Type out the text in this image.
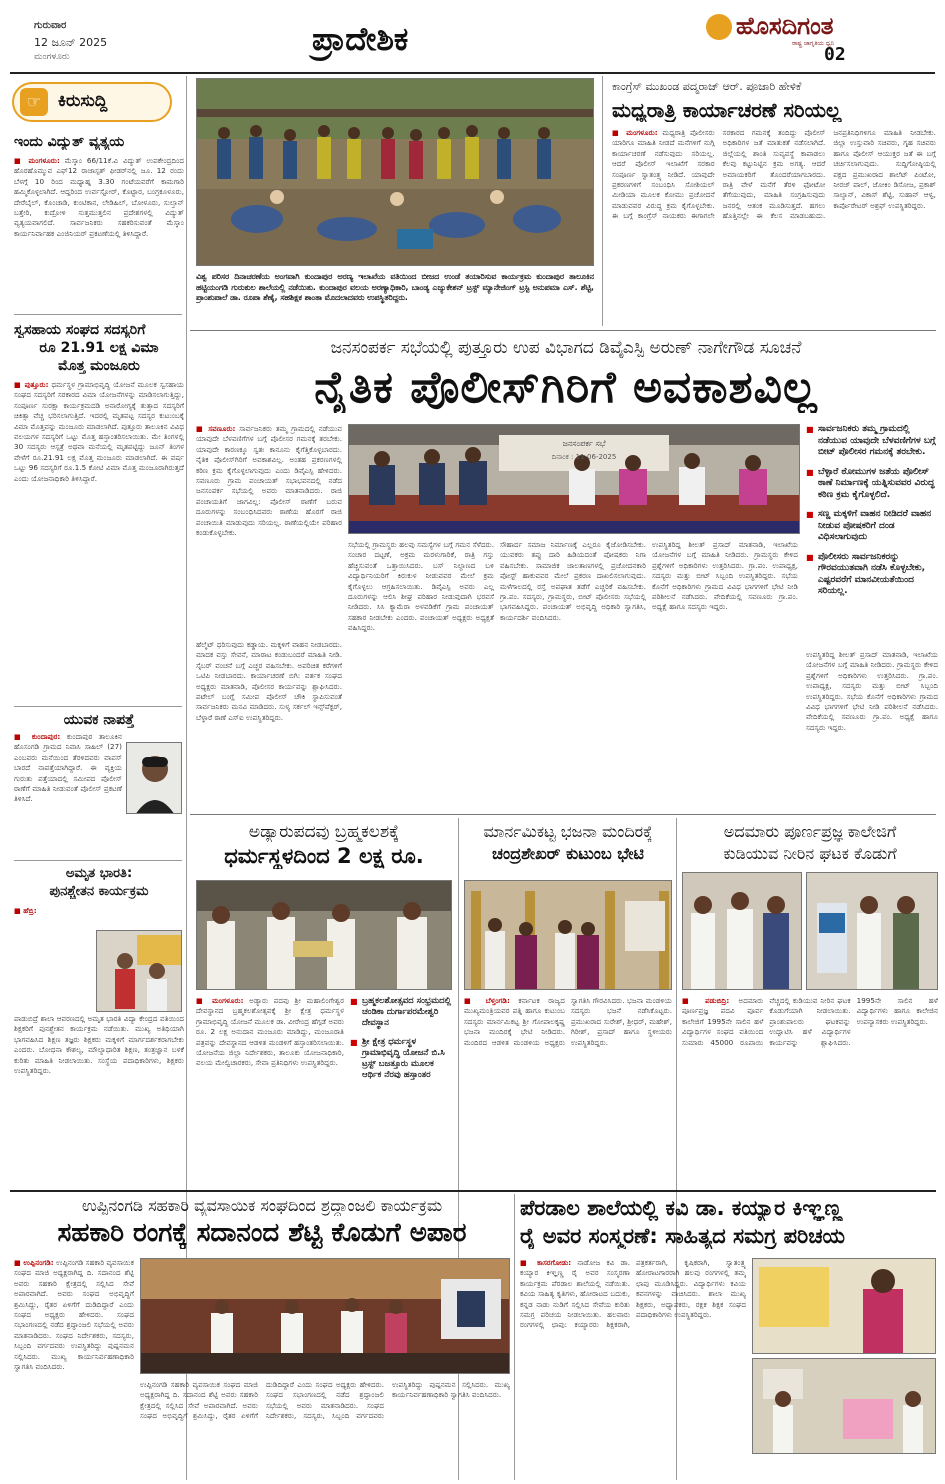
ಗುರುವಾರ
12 ಜೂನ್ 2025
ಮಂಗಳೂರು	ಪ್ರಾದೇಶಿಕ	ಹೊಸದಿಗಂತ
ರಾಷ್ಟ್ರ ಜಾಗೃತಿಯ ಧ್ವನಿ
02
☞ ಕಿರುಸುದ್ದಿ
ಇಂದು ವಿದ್ಯುತ್ ವ್ಯತ್ಯಯ
■ ಮಂಗಳೂರು: ಮೆಸ್ಕಾಂ 66/11ಕೆ.ವಿ ವಿದ್ಯುತ್ ಉಪಕೇಂದ್ರದಿಂದ ಹೊರಹೊಮ್ಮುವ ಎಫ್12 ರಾಜಾಸ್ಪತ್ ಫೀಡರ್‌ನಲ್ಲಿ ಜೂ. 12 ರಂದು ಬೆಳಗ್ಗೆ 10 ರಿಂದ ಮಧ್ಯಾಹ್ನ 3.30 ಗಂಟೆಯವರೆಗೆ ಕಾಮಗಾರಿ ಹಮ್ಮಿಕೊಳ್ಳಲಾಗಿದೆ. ಆದ್ದರಿಂದ ಉರ್ವಸ್ಟೋರ್, ಕೊಟ್ಟಾರ, ಬಂಗ್ರಕೂಳೂರು, ದೇರೆಬೈಲ್, ಕೊಂಚಾಡಿ, ಕುಂಟಿಕಾನ, ಲೇಡಿಹಿಲ್, ಬೋಳೂರು, ಸುಲ್ತಾನ್ ಬತ್ತೇರಿ, ಕುದ್ರೋಳಿ ಸುತ್ತಮುತ್ತಲಿನ ಪ್ರದೇಶಗಳಲ್ಲಿ ವಿದ್ಯುತ್ ವ್ಯತ್ಯಯವಾಗಲಿದೆ. ಸಾರ್ವಜನಿಕರು ಸಹಕರಿಸುವಂತೆ ಮೆಸ್ಕಾಂ ಕಾರ್ಯನಿರ್ವಾಹಕ ಎಂಜಿನಿಯರ್ ಪ್ರಕಟಣೆಯಲ್ಲಿ ತಿಳಿಸಿದ್ದಾರೆ.
ಸ್ವಸಹಾಯ ಸಂಘದ ಸದಸ್ಯರಿಗೆ
ರೂ 21.91 ಲಕ್ಷ ವಿಮಾ
ಮೊತ್ತ ಮಂಜೂರು
■ ಪುತ್ತೂರು: ಧರ್ಮಸ್ಥಳ ಗ್ರಾಮಾಭಿವೃದ್ಧಿ ಯೋಜನೆ ಮೂಲಕ ಸ್ವಸಹಾಯ ಸಂಘದ ಸದಸ್ಯರಿಗೆ ಸರಕಾರದ ವಿಮಾ ಯೋಜನೆಗಳನ್ನು ಮಾಡಿಸಲಾಗುತ್ತಿದ್ದು, ಸಂಪೂರ್ಣ ಸುರಕ್ಷಾ ಕಾರ್ಯಕ್ರಮದಡಿ ಅನಾರೋಗ್ಯಕ್ಕೆ ತುತ್ತಾದ ಸದಸ್ಯರಿಗೆ ಚಿಕಿತ್ಸಾ ವೆಚ್ಚ ಭರಿಸಲಾಗುತ್ತಿದೆ. ಇದರಲ್ಲಿ ಮೃತಪಟ್ಟ ಸದಸ್ಯರ ಕುಟುಂಬಕ್ಕೆ ವಿಮಾ ಮೊತ್ತವನ್ನು ಮಂಜೂರು ಮಾಡಲಾಗಿದೆ. ಪುತ್ತೂರು ತಾಲೂಕಿನ ವಿವಿಧ ವಲಯಗಳ ಸದಸ್ಯರಿಗೆ ಒಟ್ಟು ಮೊತ್ತ ಹಸ್ತಾಂತರಿಸಲಾಯಿತು. ಮೇ ತಿಂಗಳಲ್ಲಿ 30 ಸದಸ್ಯರು ಆಸ್ಪತ್ರೆ ಅಥವಾ ಮನೆಯಲ್ಲಿ ಮೃತಪಟ್ಟಿದ್ದು ಜೂನ್ ತಿಂಗಳ ವೇಳೆಗೆ ರೂ.21.91 ಲಕ್ಷ ಮೊತ್ತ ಮಂಜೂರು ಮಾಡಲಾಗಿದೆ. ಈ ವರ್ಷ ಒಟ್ಟು 96 ಸದಸ್ಯರಿಗೆ ರೂ.1.5 ಕೋಟಿ ವಿಮಾ ಮೊತ್ತ ಮಂಜೂರಾಗಿರುತ್ತದೆ ಎಂದು ಯೋಜನಾಧಿಕಾರಿ ತಿಳಿಸಿದ್ದಾರೆ.
ಯುವಕ ನಾಪತ್ತೆ
■ ಕುಂದಾಪುರ: ಕುಂದಾಪುರ ತಾಲೂಕಿನ ಹೊಸಂಗಡಿ ಗ್ರಾಮದ ನಿವಾಸಿ ಸಾಹಿಲ್ (27) ಎಂಬವರು ಮನೆಯಿಂದ ತೆರಳಿದವರು ವಾಪಸ್ ಬಾರದೆ ನಾಪತ್ತೆಯಾಗಿದ್ದಾರೆ. ಈ ವ್ಯಕ್ತಿಯ ಗುರುತು ಪತ್ತೆಯಾದಲ್ಲಿ ಸಮೀಪದ ಪೊಲೀಸ್ ಠಾಣೆಗೆ ಮಾಹಿತಿ ನೀಡುವಂತೆ ಪೊಲೀಸ್ ಪ್ರಕಟಣೆ ತಿಳಿಸಿದೆ.
ಅಮೃತ ಭಾರತಿ:
ಪುನಶ್ಚೇತನ ಕಾರ್ಯಕ್ರಮ
■ ಹೆಬ್ರಿ:
ಪಾಡುಬಿದ್ರೆ ಶಾಲಾ ಆವರಣದಲ್ಲಿ ಅಮೃತ ಭಾರತಿ ವಿದ್ಯಾ ಕೇಂದ್ರದ ವತಿಯಿಂದ ಶಿಕ್ಷಕರಿಗೆ ಪುನಶ್ಚೇತನ ಕಾರ್ಯಕ್ರಮ ನಡೆಯಿತು. ಮುಖ್ಯ ಅತಿಥಿಯಾಗಿ ಭಾಗವಹಿಸಿದ ಶಿಕ್ಷಣ ತಜ್ಞರು ಶಿಕ್ಷಕರು ಮಕ್ಕಳಿಗೆ ಮಾರ್ಗದರ್ಶಕರಾಗಬೇಕು ಎಂದರು. ಬೋಧನಾ ಕೌಶಲ್ಯ, ಮೌಲ್ಯಾಧಾರಿತ ಶಿಕ್ಷಣ, ತಂತ್ರಜ್ಞಾನ ಬಳಕೆ ಕುರಿತು ಮಾಹಿತಿ ನೀಡಲಾಯಿತು. ಸಂಸ್ಥೆಯ ಪದಾಧಿಕಾರಿಗಳು, ಶಿಕ್ಷಕರು ಉಪಸ್ಥಿತರಿದ್ದರು.
ವಿಶ್ವ ಪರಿಸರ ದಿನಾಚರಣೆಯ ಅಂಗವಾಗಿ ಕುಂದಾಪುರ ಅರಣ್ಯ ಇಲಾಖೆಯ ವತಿಯಿಂದ ಬೀಜದ ಉಂಡೆ ತಯಾರಿಸುವ ಕಾರ್ಯಕ್ರಮ ಕುಂದಾಪುರ ತಾಲೂಕಿನ ಹಟ್ಟಿಯಂಗಡಿ ಗುರುಕುಲ ಶಾಲೆಯಲ್ಲಿ ನಡೆಯಿತು. ಕುಂದಾಪುರ ವಲಯ ಅರಣ್ಯಾಧಿಕಾರಿ, ಬಾಂಡ್ಯ ಎಜ್ಯುಕೇಶನ್ ಟ್ರಸ್ಟ್ ಮ್ಯಾನೇಜಿಂಗ್ ಟ್ರಸ್ಟಿ ಅನುಪಮಾ ಎಸ್. ಶೆಟ್ಟಿ, ಪ್ರಾಂಶುಪಾಲೆ ಡಾ. ರೂಪಾ ಶೆಣೈ, ಸಹಶಿಕ್ಷಕ ಶಾಂತಾ ಮೊದಲಾದವರು ಉಪಸ್ಥಿತರಿದ್ದರು.
ಕಾಂಗ್ರೆಸ್ ಮುಖಂಡ ಪದ್ಮರಾಜ್ ಆರ್. ಪೂಜಾರಿ ಹೇಳಿಕೆ
ಮಧ್ಯರಾತ್ರಿ ಕಾರ್ಯಾಚರಣೆ ಸರಿಯಲ್ಲ
■ ಮಂಗಳೂರು: ಮಧ್ಯರಾತ್ರಿ ಪೊಲೀಸರು ಯಾರಿಗೂ ಮಾಹಿತಿ ನೀಡದೆ ಮನೆಗಳಿಗೆ ನುಗ್ಗಿ ಕಾರ್ಯಾಚರಣೆ ನಡೆಸುವುದು ಸರಿಯಲ್ಲ. ಆದರೆ ಪೊಲೀಸ್ ಇಲಾಖೆಗೆ ಸರಕಾರ ಸಂಪೂರ್ಣ ಸ್ವಾತಂತ್ರ್ಯ ನೀಡಿದೆ. ಯಾವುದೇ ಪ್ರಕರಣಗಳಿಗೆ ಸಂಬಂಧಿಸಿ ಸೋಶಿಯಲ್ ಮೀಡಿಯಾ ಮೂಲಕ ಕೋಮು ಪ್ರಚೋದನೆ ಮಾಡುವವರ ವಿರುದ್ಧ ಕ್ರಮ ಕೈಗೊಳ್ಳಬೇಕು. ಈ ಬಗ್ಗೆ ಕಾಂಗ್ರೆಸ್ ನಾಯಕರು ಈಗಾಗಲೇ ಸರಕಾರದ ಗಮನಕ್ಕೆ ತಂದಿದ್ದು ಪೊಲೀಸ್ ಅಧಿಕಾರಿಗಳ ಜತೆ ಮಾತುಕತೆ ನಡೆಸಲಾಗಿದೆ. ಜಿಲ್ಲೆಯಲ್ಲಿ ಶಾಂತಿ ಸುವ್ಯವಸ್ಥೆ ಕಾಪಾಡಲು ಕೆಲವು ಕಟ್ಟುನಿಟ್ಟಿನ ಕ್ರಮ ಅಗತ್ಯ. ಆದರೆ ಅಮಾಯಕರಿಗೆ ತೊಂದರೆಯಾಗಬಾರದು. ರಾತ್ರಿ ವೇಳೆ ಮನೆಗೆ ತೆರಳಿ ಫೋಟೋ ತೆಗೆಯುವುದು, ಮಾಹಿತಿ ಸಂಗ್ರಹಿಸುವುದು ಜನರಲ್ಲಿ ಆತಂಕ ಮೂಡಿಸುತ್ತದೆ. ಹಗಲು ಹೊತ್ತಿನಲ್ಲೇ ಈ ಕೆಲಸ ಮಾಡಬಹುದು. ಜನಪ್ರತಿನಿಧಿಗಳಿಗೂ ಮಾಹಿತಿ ನೀಡಬೇಕು. ಜಿಲ್ಲಾ ಉಸ್ತುವಾರಿ ಸಚಿವರು, ಗೃಹ ಸಚಿವರು ಹಾಗೂ ಪೊಲೀಸ್ ಆಯುಕ್ತರ ಜತೆ ಈ ಬಗ್ಗೆ ಚರ್ಚಿಸಲಾಗುವುದು. ಸುದ್ದಿಗೋಷ್ಠಿಯಲ್ಲಿ ಪಕ್ಷದ ಪ್ರಮುಖರಾದ ಶಾಲೆಟ್ ಪಿಂಟೋ, ನೀರಜ್ ಪಾಲ್, ಜೋಕಿಂ ಡಿಸೋಜ, ಪ್ರಕಾಶ್ ಸಾಲ್ಯಾನ್, ವಿಕಾಸ್ ಶೆಟ್ಟಿ, ಸುಹಾನ್ ಆಳ್ವ, ಕಾರ್ಪೊರೇಟರ್ ಅಶ್ರಫ್ ಉಪಸ್ಥಿತರಿದ್ದರು.
ಜನಸಂಪರ್ಕ ಸಭೆಯಲ್ಲಿ ಪುತ್ತೂರು ಉಪ ವಿಭಾಗದ ಡಿವೈಎಸ್ಪಿ ಅರುಣ್ ನಾಗೇಗೌಡ ಸೂಚನೆ
ನೈತಿಕ ಪೊಲೀಸ್‌ಗಿರಿಗೆ ಅವಕಾಶವಿಲ್ಲ
■ ಸವಣೂರು: ಸಾರ್ವಜನಿಕರು ತಮ್ಮ ಗ್ರಾಮದಲ್ಲಿ ನಡೆಯುವ ಯಾವುದೇ ಬೆಳವಣಿಗೆಗಳ ಬಗ್ಗೆ ಪೊಲೀಸರ ಗಮನಕ್ಕೆ ತರಬೇಕು. ಯಾವುದೇ ಕಾರಣಕ್ಕೂ ಸ್ವತಃ ಕಾನೂನು ಕೈಗೆತ್ತಿಕೊಳ್ಳಬಾರದು. ನೈತಿಕ ಪೊಲೀಸ್‌ಗಿರಿಗೆ ಅವಕಾಶವಿಲ್ಲ. ಅಂತಹ ಪ್ರಕರಣಗಳಲ್ಲಿ ಕಠಿಣ ಕ್ರಮ ಕೈಗೊಳ್ಳಲಾಗುವುದು ಎಂದು ಡಿವೈಎಸ್ಪಿ ಹೇಳಿದರು. ಸವಣೂರು ಗ್ರಾಮ ಪಂಚಾಯತ್ ಸಭಾಭವನದಲ್ಲಿ ನಡೆದ ಜನಸಂಪರ್ಕ ಸಭೆಯಲ್ಲಿ ಅವರು ಮಾತನಾಡಿದರು. ರಾಜಿ ಪಂಚಾಯತಿಗೆ ಜಾಗವಿಲ್ಲ: ಪೊಲೀಸ್ ಠಾಣೆಗೆ ಬರುವ ದೂರುಗಳನ್ನು ಸಂಬಂಧಿಸಿದವರು ಠಾಣೆಯ ಹೊರಗೆ ರಾಜಿ ಪಂಚಾಯಿತಿ ಮಾಡುವುದು ಸರಿಯಲ್ಲ. ಠಾಣೆಯಲ್ಲಿಯೇ ಪರಿಹಾರ ಕಂಡುಕೊಳ್ಳಬೇಕು.
ಹೆಲ್ಮೆಟ್ ಧರಿಸುವುದು ಕಡ್ಡಾಯ. ಮಕ್ಕಳಿಗೆ ವಾಹನ ನೀಡಬಾರದು. ಮಾದಕ ವಸ್ತು ಸೇವನೆ, ಮಾರಾಟ ಕಂಡುಬಂದರೆ ಮಾಹಿತಿ ನೀಡಿ. ಸೈಬರ್ ವಂಚನೆ ಬಗ್ಗೆ ಎಚ್ಚರ ವಹಿಸಬೇಕು. ಅಪರಿಚಿತ ಕರೆಗಳಿಗೆ ಒಟಿಪಿ ನೀಡಬಾರದು. ಕಾರ್ಯಾಚರಣೆ ಬಿಗಿ: ವರ್ತಕ ಸಂಘದ ಅಧ್ಯಕ್ಷರು ಮಾತನಾಡಿ, ಪೊಲೀಸರ ಕಾರ್ಯವನ್ನು ಶ್ಲಾಘಿಸಿದರು. ಪಟೇಲ್ ಬಂಗ್ಲೆ ಸಮೀಪ ಪೊಲೀಸ್ ಚೌಕಿ ಸ್ಥಾಪಿಸುವಂತೆ ಸಾರ್ವಜನಿಕರು ಮನವಿ ಮಾಡಿದರು. ಸುಳ್ಯ ಸರ್ಕಲ್ ಇನ್ಸ್‌ಪೆಕ್ಟರ್, ಬೆಳ್ಳಾರೆ ಠಾಣೆ ಎಸ್‌ಐ ಉಪಸ್ಥಿತರಿದ್ದರು.
ಜನಸಂಪರ್ಕ ಸಭೆ
ದಿನಾಂಕ : 11-06-2025
ಸಭೆಯಲ್ಲಿ ಗ್ರಾಮಸ್ಥರು ಹಲವು ಸಮಸ್ಯೆಗಳ ಬಗ್ಗೆ ಗಮನ ಸೆಳೆದರು. ಸಂಚಾರ ದಟ್ಟಣೆ, ಅಕ್ರಮ ಮರಳುಗಾರಿಕೆ, ರಾತ್ರಿ ಗಸ್ತು ಹೆಚ್ಚಿಸುವಂತೆ ಒತ್ತಾಯಿಸಿದರು. ಬಸ್ ನಿಲ್ದಾಣದ ಬಳಿ ವಿದ್ಯಾರ್ಥಿನಿಯರಿಗೆ ಕಿರುಕುಳ ನೀಡುವವರ ಮೇಲೆ ಕ್ರಮ ಕೈಗೊಳ್ಳಲು ಆಗ್ರಹಿಸಲಾಯಿತು. ಡಿವೈಎಸ್ಪಿ ಅವರು ಎಲ್ಲ ದೂರುಗಳನ್ನು ಆಲಿಸಿ ಶೀಘ್ರ ಪರಿಹಾರ ನೀಡುವುದಾಗಿ ಭರವಸೆ ನೀಡಿದರು. ಸಿಸಿ ಕ್ಯಾಮೆರಾ ಅಳವಡಿಕೆಗೆ ಗ್ರಾಮ ಪಂಚಾಯತ್ ಸಹಕಾರ ನೀಡಬೇಕು ಎಂದರು. ಪಂಚಾಯತ್ ಅಧ್ಯಕ್ಷರು ಅಧ್ಯಕ್ಷತೆ ವಹಿಸಿದ್ದರು.
ಸೌಹಾರ್ದ ಸಮಾಜ ನಿರ್ಮಾಣಕ್ಕೆ ಎಲ್ಲರೂ ಕೈಜೋಡಿಸಬೇಕು. ಯುವಕರು ತಪ್ಪು ದಾರಿ ಹಿಡಿಯದಂತೆ ಪೋಷಕರು ನಿಗಾ ವಹಿಸಬೇಕು. ಸಾಮಾಜಿಕ ಜಾಲತಾಣಗಳಲ್ಲಿ ಪ್ರಚೋದನಕಾರಿ ಪೋಸ್ಟ್ ಹಾಕುವವರ ಮೇಲೆ ಪ್ರಕರಣ ದಾಖಲಿಸಲಾಗುವುದು. ಮಳೆಗಾಲದಲ್ಲಿ ರಸ್ತೆ ಅಪಘಾತ ತಡೆಗೆ ಎಚ್ಚರಿಕೆ ವಹಿಸಬೇಕು. ಗ್ರಾ.ಪಂ. ಸದಸ್ಯರು, ಗ್ರಾಮಸ್ಥರು, ಬೀಟ್ ಪೊಲೀಸರು ಸಭೆಯಲ್ಲಿ ಭಾಗವಹಿಸಿದ್ದರು. ಪಂಚಾಯತ್ ಅಭಿವೃದ್ಧಿ ಅಧಿಕಾರಿ ಸ್ವಾಗತಿಸಿ, ಕಾರ್ಯದರ್ಶಿ ವಂದಿಸಿದರು.
ಉಪಸ್ಥಿತರಿದ್ದ ಶೀಲತ್ ಪ್ರಸಾದ್ ಮಾತನಾಡಿ, ಇಲಾಖೆಯ ಯೋಜನೆಗಳ ಬಗ್ಗೆ ಮಾಹಿತಿ ನೀಡಿದರು. ಗ್ರಾಮಸ್ಥರು ಕೇಳಿದ ಪ್ರಶ್ನೆಗಳಿಗೆ ಅಧಿಕಾರಿಗಳು ಉತ್ತರಿಸಿದರು. ಗ್ರಾ.ಪಂ. ಉಪಾಧ್ಯಕ್ಷ, ಸದಸ್ಯರು ಮತ್ತು ಬೀಟ್ ಸಿಬ್ಬಂದಿ ಉಪಸ್ಥಿತರಿದ್ದರು. ಸಭೆಯ ಕೊನೆಗೆ ಅಧಿಕಾರಿಗಳು ಗ್ರಾಮದ ವಿವಿಧ ಭಾಗಗಳಿಗೆ ಭೇಟಿ ನೀಡಿ ಪರಿಶೀಲನೆ ನಡೆಸಿದರು. ವೇದಿಕೆಯಲ್ಲಿ ಸವಣೂರು ಗ್ರಾ.ಪಂ. ಅಧ್ಯಕ್ಷೆ ಹಾಗೂ ಸದಸ್ಯರು ಇದ್ದರು.
■ ಸಾರ್ವಜನಿಕರು ತಮ್ಮ ಗ್ರಾಮದಲ್ಲಿ ನಡೆಯುವ ಯಾವುದೇ ಬೆಳವಣಿಗೆಗಳ ಬಗ್ಗೆ ಬೀಟ್ ಪೊಲೀಸರ ಗಮನಕ್ಕೆ ತರಬೇಕು.
■ ಬೆಳ್ಳಾರೆ ಠೋಮುಗಳ ಜತೆಯ ಪೊಲೀಸ್ ಠಾಣೆ ನಿರ್ಮಾಣಕ್ಕೆ ಯತ್ನಿಸುವವರ ವಿರುದ್ಧ ಕಠಿಣ ಕ್ರಮ ಕೈಗೊಳ್ಳಲಿದೆ.
■ ಸಣ್ಣ ಮಕ್ಕಳಿಗೆ ವಾಹನ ನೀಡಿದರೆ ವಾಹನ ನೀಡುವ ಪೋಷಕರಿಗೆ ದಂಡ ವಿಧಿಸಲಾಗುವುದು
■ ಪೊಲೀಸರು ಸಾರ್ವಜನಿಕರನ್ನು ಗೌರವಯುತವಾಗಿ ನಡೆಸಿ ಕೊಳ್ಳಬೇಕು, ಎಷ್ಟರವರೆಗೆ ಮಾನವೀಯತೆಯಿಂದ ಸರಿಯಲ್ಲ.
ಉಪಸ್ಥಿತರಿದ್ದ ಶೀಲತ್ ಪ್ರಸಾದ್ ಮಾತನಾಡಿ, ಇಲಾಖೆಯ ಯೋಜನೆಗಳ ಬಗ್ಗೆ ಮಾಹಿತಿ ನೀಡಿದರು. ಗ್ರಾಮಸ್ಥರು ಕೇಳಿದ ಪ್ರಶ್ನೆಗಳಿಗೆ ಅಧಿಕಾರಿಗಳು ಉತ್ತರಿಸಿದರು. ಗ್ರಾ.ಪಂ. ಉಪಾಧ್ಯಕ್ಷ, ಸದಸ್ಯರು ಮತ್ತು ಬೀಟ್ ಸಿಬ್ಬಂದಿ ಉಪಸ್ಥಿತರಿದ್ದರು. ಸಭೆಯ ಕೊನೆಗೆ ಅಧಿಕಾರಿಗಳು ಗ್ರಾಮದ ವಿವಿಧ ಭಾಗಗಳಿಗೆ ಭೇಟಿ ನೀಡಿ ಪರಿಶೀಲನೆ ನಡೆಸಿದರು. ವೇದಿಕೆಯಲ್ಲಿ ಸವಣೂರು ಗ್ರಾ.ಪಂ. ಅಧ್ಯಕ್ಷೆ ಹಾಗೂ ಸದಸ್ಯರು ಇದ್ದರು.
ಅಡ್ಯಾರುಪದವು ಬ್ರಹ್ಮಕಲಶಕ್ಕೆ
ಧರ್ಮಸ್ಥಳದಿಂದ 2 ಲಕ್ಷ ರೂ.
■ ಮಂಗಳೂರು: ಅಡ್ಯಾರು ಪದವು ಶ್ರೀ ಮಹಾಲಿಂಗೇಶ್ವರ ದೇವಸ್ಥಾನದ ಬ್ರಹ್ಮಕಲಶೋತ್ಸವಕ್ಕೆ ಶ್ರೀ ಕ್ಷೇತ್ರ ಧರ್ಮಸ್ಥಳ ಗ್ರಾಮಾಭಿವೃದ್ಧಿ ಯೋಜನೆ ಮೂಲಕ ಡಾ. ವೀರೇಂದ್ರ ಹೆಗ್ಗಡೆ ಅವರು ರೂ. 2 ಲಕ್ಷ ಅನುದಾನ ಮಂಜೂರು ಮಾಡಿದ್ದು, ಮಂಜೂರಾತಿ ಪತ್ರವನ್ನು ದೇವಸ್ಥಾನದ ಆಡಳಿತ ಮಂಡಳಿಗೆ ಹಸ್ತಾಂತರಿಸಲಾಯಿತು. ಯೋಜನೆಯ ಜಿಲ್ಲಾ ನಿರ್ದೇಶಕರು, ತಾಲೂಕು ಯೋಜನಾಧಿಕಾರಿ, ವಲಯ ಮೇಲ್ವಿಚಾರಕರು, ಸೇವಾ ಪ್ರತಿನಿಧಿಗಳು ಉಪಸ್ಥಿತರಿದ್ದರು.
■ ಬ್ರಹ್ಮಕಲಶೋತ್ಸವದ ಸಂಭ್ರಮದಲ್ಲಿ ಚಂಡಿಕಾ ದುರ್ಗಾಪರಮೇಶ್ವರಿ ದೇವಸ್ಥಾನ
■ ಶ್ರೀ ಕ್ಷೇತ್ರ ಧರ್ಮಸ್ಥಳ ಗ್ರಾಮಾಭಿವೃದ್ಧಿ ಯೋಜನೆ ಬಿ.ಸಿ ಟ್ರಸ್ಟ್ ಬಜತ್ತೂರು ಮೂಲಕ ಆರ್ಥಿಕ ನೆರವು ಹಸ್ತಾಂತರ
ಮಾರ್ನಮಿಕಟ್ಟ ಭಜನಾ ಮಂದಿರಕ್ಕೆ
ಚಂದ್ರಶೇಖರ್ ಕುಟುಂಬ ಭೇಟಿ
■ ಬೆಳ್ತಂಗಡಿ: ಕರ್ನಾಟಕ ರಾಜ್ಯದ ಮುಖ್ಯಮಂತ್ರಿಯವರ ಪತ್ನಿ ಹಾಗೂ ಕುಟುಂಬ ಸದಸ್ಯರು ಮಾರ್ನಮಿಕಟ್ಟ ಶ್ರೀ ಗೋಪಾಲಕೃಷ್ಣ ಭಜನಾ ಮಂದಿರಕ್ಕೆ ಭೇಟಿ ನೀಡಿದರು. ಮಂದಿರದ ಆಡಳಿತ ಮಂಡಳಿಯ ಅಧ್ಯಕ್ಷರು ಸ್ವಾಗತಿಸಿ ಗೌರವಿಸಿದರು. ಭಜನಾ ಮಂಡಳಿಯ ಸದಸ್ಯರು ಭಜನೆ ನಡೆಸಿಕೊಟ್ಟರು. ಪ್ರಮುಖರಾದ ಸುರೇಶ್, ಶ್ರೀಧರ್, ಮಹೇಶ್, ಗಿರೀಶ್, ಪ್ರಸಾದ್ ಹಾಗೂ ಸ್ಥಳೀಯರು ಉಪಸ್ಥಿತರಿದ್ದರು.
ಅದಮಾರು ಪೂರ್ಣಪ್ರಜ್ಞ ಕಾಲೇಜಿಗೆ
ಕುಡಿಯುವ ನೀರಿನ ಘಟಕ ಕೊಡುಗೆ
■ ಪಡುಬಿದ್ರಿ: ಅದಮಾರು ಪೂರ್ಣಪ್ರಜ್ಞ ಪದವಿ ಪೂರ್ವ ಕಾಲೇಜಿಗೆ 1995ನೇ ಸಾಲಿನ ಹಳೆ ವಿದ್ಯಾರ್ಥಿಗಳ ಸಂಘದ ವತಿಯಿಂದ ಸುಮಾರು 45000 ರೂಪಾಯಿ ವೆಚ್ಚದಲ್ಲಿ ಕುಡಿಯುವ ನೀರಿನ ಘಟಕ ಕೊಡುಗೆಯಾಗಿ ನೀಡಲಾಯಿತು. ಪ್ರಾಂಶುಪಾಲರು ಘಟಕವನ್ನು ಉದ್ಘಾಟಿಸಿ ಹಳೆ ವಿದ್ಯಾರ್ಥಿಗಳ ಕಾರ್ಯವನ್ನು ಶ್ಲಾಘಿಸಿದರು. 1995ನೇ ಸಾಲಿನ ಹಳೆ ವಿದ್ಯಾರ್ಥಿಗಳು ಹಾಗೂ ಕಾಲೇಜಿನ ಉಪನ್ಯಾಸಕರು ಉಪಸ್ಥಿತರಿದ್ದರು.
ಉಪ್ಪಿನಂಗಡಿ ಸಹಕಾರಿ ವ್ಯವಸಾಯಿಕ ಸಂಘದಿಂದ ಶ್ರದ್ಧಾಂಜಲಿ ಕಾರ್ಯಕ್ರಮ
ಸಹಕಾರಿ ರಂಗಕ್ಕೆ ಸದಾನಂದ ಶೆಟ್ಟಿ ಕೊಡುಗೆ ಅಪಾರ
■ ಉಪ್ಪಿನಂಗಡಿ: ಉಪ್ಪಿನಂಗಡಿ ಸಹಕಾರಿ ವ್ಯವಸಾಯಿಕ ಸಂಘದ ಮಾಜಿ ಅಧ್ಯಕ್ಷರಾಗಿದ್ದ ದಿ. ಸದಾನಂದ ಶೆಟ್ಟಿ ಅವರು ಸಹಕಾರಿ ಕ್ಷೇತ್ರದಲ್ಲಿ ಸಲ್ಲಿಸಿದ ಸೇವೆ ಅಪಾರವಾಗಿದೆ. ಅವರು ಸಂಘದ ಅಭಿವೃದ್ಧಿಗೆ ಶ್ರಮಿಸಿದ್ದು, ರೈತರ ಏಳಿಗೆಗೆ ದುಡಿದಿದ್ದಾರೆ ಎಂದು ಸಂಘದ ಅಧ್ಯಕ್ಷರು ಹೇಳಿದರು. ಸಂಘದ ಸಭಾಂಗಣದಲ್ಲಿ ನಡೆದ ಶ್ರದ್ಧಾಂಜಲಿ ಸಭೆಯಲ್ಲಿ ಅವರು ಮಾತನಾಡಿದರು. ಸಂಘದ ನಿರ್ದೇಶಕರು, ಸದಸ್ಯರು, ಸಿಬ್ಬಂದಿ ವರ್ಗದವರು ಉಪಸ್ಥಿತರಿದ್ದು ಪುಷ್ಪನಮನ ಸಲ್ಲಿಸಿದರು. ಮುಖ್ಯ ಕಾರ್ಯನಿರ್ವಹಣಾಧಿಕಾರಿ ಸ್ವಾಗತಿಸಿ ವಂದಿಸಿದರು.
ಉಪ್ಪಿನಂಗಡಿ ಸಹಕಾರಿ ವ್ಯವಸಾಯಿಕ ಸಂಘದ ಮಾಜಿ ಅಧ್ಯಕ್ಷರಾಗಿದ್ದ ದಿ. ಸದಾನಂದ ಶೆಟ್ಟಿ ಅವರು ಸಹಕಾರಿ ಕ್ಷೇತ್ರದಲ್ಲಿ ಸಲ್ಲಿಸಿದ ಸೇವೆ ಅಪಾರವಾಗಿದೆ. ಅವರು ಸಂಘದ ಅಭಿವೃದ್ಧಿಗೆ ಶ್ರಮಿಸಿದ್ದು, ರೈತರ ಏಳಿಗೆಗೆ ದುಡಿದಿದ್ದಾರೆ ಎಂದು ಸಂಘದ ಅಧ್ಯಕ್ಷರು ಹೇಳಿದರು. ಸಂಘದ ಸಭಾಂಗಣದಲ್ಲಿ ನಡೆದ ಶ್ರದ್ಧಾಂಜಲಿ ಸಭೆಯಲ್ಲಿ ಅವರು ಮಾತನಾಡಿದರು. ಸಂಘದ ನಿರ್ದೇಶಕರು, ಸದಸ್ಯರು, ಸಿಬ್ಬಂದಿ ವರ್ಗದವರು ಉಪಸ್ಥಿತರಿದ್ದು ಪುಷ್ಪನಮನ ಸಲ್ಲಿಸಿದರು. ಮುಖ್ಯ ಕಾರ್ಯನಿರ್ವಹಣಾಧಿಕಾರಿ ಸ್ವಾಗತಿಸಿ ವಂದಿಸಿದರು.
ಪೆರಡಾಲ ಶಾಲೆಯಲ್ಲಿ ಕವಿ ಡಾ. ಕಯ್ಯಾರ ಕಿಞ್ಞಣ್ಣ
ರೈ ಅವರ ಸಂಸ್ಮರಣೆ: ಸಾಹಿತ್ಯದ ಸಮಗ್ರ ಪರಿಚಯ
■ ಕಾಸರಗೋಡು: ನಾಡೋಜ ಕವಿ ಡಾ. ಕಯ್ಯಾರ ಕಿಞ್ಞಣ್ಣ ರೈ ಅವರ ಸಂಸ್ಮರಣಾ ಕಾರ್ಯಕ್ರಮ ಪೆರಡಾಲ ಶಾಲೆಯಲ್ಲಿ ನಡೆಯಿತು. ಕವಿಯ ಸಾಹಿತ್ಯ ಕೃತಿಗಳು, ಹೋರಾಟದ ಬದುಕು, ಕನ್ನಡ ನಾಡು ನುಡಿಗೆ ಸಲ್ಲಿಸಿದ ಸೇವೆಯ ಕುರಿತು ಸಮಗ್ರ ಪರಿಚಯ ನೀಡಲಾಯಿತು. ಹಲವಾರು ರಂಗಗಳಲ್ಲಿ ಛಾಪು: ಕಯ್ಯಾರರು ಶಿಕ್ಷಕರಾಗಿ, ಪತ್ರಕರ್ತರಾಗಿ, ಕೃಷಿಕರಾಗಿ, ಸ್ವಾತಂತ್ರ್ಯ ಹೋರಾಟಗಾರರಾಗಿ ಹಲವು ರಂಗಗಳಲ್ಲಿ ತಮ್ಮ ಛಾಪು ಮೂಡಿಸಿದ್ದರು. ವಿದ್ಯಾರ್ಥಿಗಳು ಕವಿಯ ಕವನಗಳನ್ನು ವಾಚಿಸಿದರು. ಶಾಲಾ ಮುಖ್ಯ ಶಿಕ್ಷಕರು, ಅಧ್ಯಾಪಕರು, ರಕ್ಷಕ ಶಿಕ್ಷಕ ಸಂಘದ ಪದಾಧಿಕಾರಿಗಳು ಉಪಸ್ಥಿತರಿದ್ದರು.
